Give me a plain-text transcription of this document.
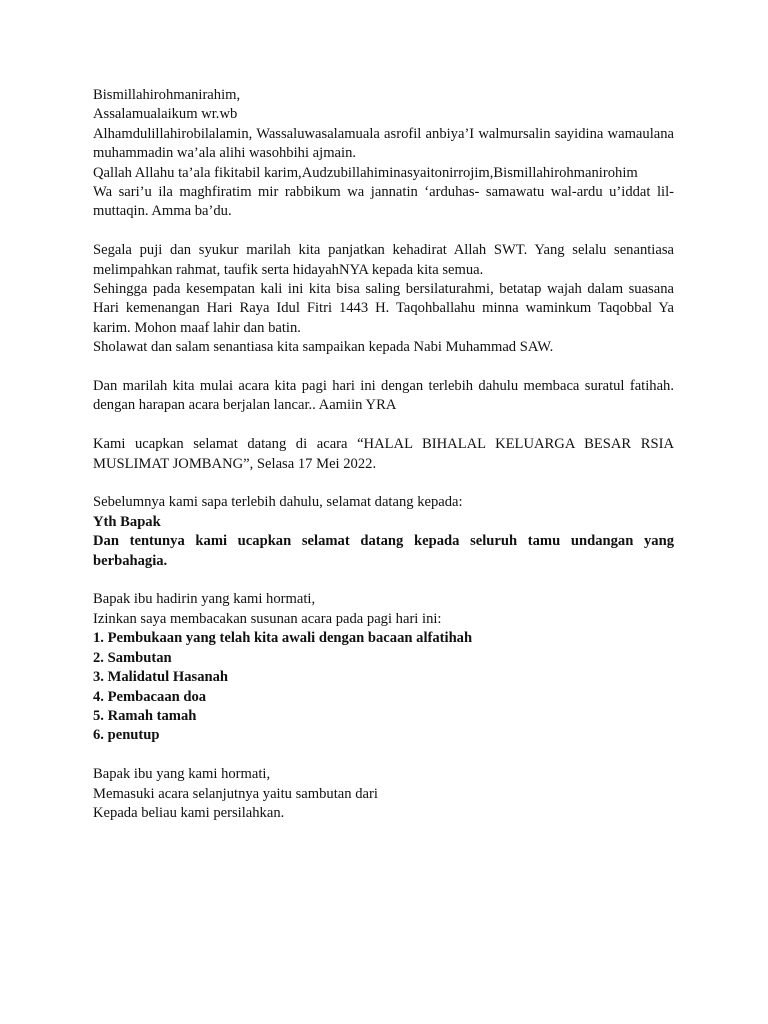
Bismillahirohmanirahim,

Assalamualaikum wr.wb

Alhamdulillahirobilalamin, Wassaluwasalamuala asrofil anbiya’I walmursalin sayidina wamaulana muhammadin wa’ala alihi wasohbihi ajmain.

Qallah Allahu ta’ala fikitabil karim,Audzubillahiminasyaitonirrojim,Bismillahirohmanirohim

Wa sari’u ila maghfiratim mir rabbikum wa jannatin ‘arduhas- samawatu wal-ardu u’iddat lil-muttaqin. Amma ba’du.

Segala puji dan syukur marilah kita panjatkan kehadirat Allah SWT. Yang selalu senantiasa melimpahkan rahmat, taufik serta hidayahNYA kepada kita semua.

Sehingga pada kesempatan kali ini kita bisa saling bersilaturahmi, betatap wajah dalam suasana Hari kemenangan Hari Raya Idul Fitri 1443 H. Taqohballahu minna waminkum Taqobbal Ya karim. Mohon maaf lahir dan batin.

Sholawat dan salam senantiasa kita sampaikan kepada Nabi Muhammad SAW.

Dan marilah kita mulai acara kita pagi hari ini dengan terlebih dahulu membaca suratul fatihah. dengan harapan acara berjalan lancar.. Aamiin YRA

Kami ucapkan selamat datang di acara “HALAL BIHALAL KELUARGA BESAR RSIA MUSLIMAT JOMBANG”, Selasa 17 Mei 2022.

Sebelumnya kami sapa terlebih dahulu, selamat datang kepada:

Yth Bapak

Dan tentunya kami ucapkan selamat datang kepada seluruh tamu undangan yang berbahagia.

Bapak ibu hadirin yang kami hormati,

Izinkan saya membacakan susunan acara pada pagi hari ini:

1. Pembukaan yang telah kita awali dengan bacaan alfatihah

2. Sambutan

3. Malidatul Hasanah

4. Pembacaan doa

5. Ramah tamah

6. penutup

Bapak ibu yang kami hormati,

Memasuki acara selanjutnya yaitu sambutan dari

Kepada beliau kami persilahkan.
